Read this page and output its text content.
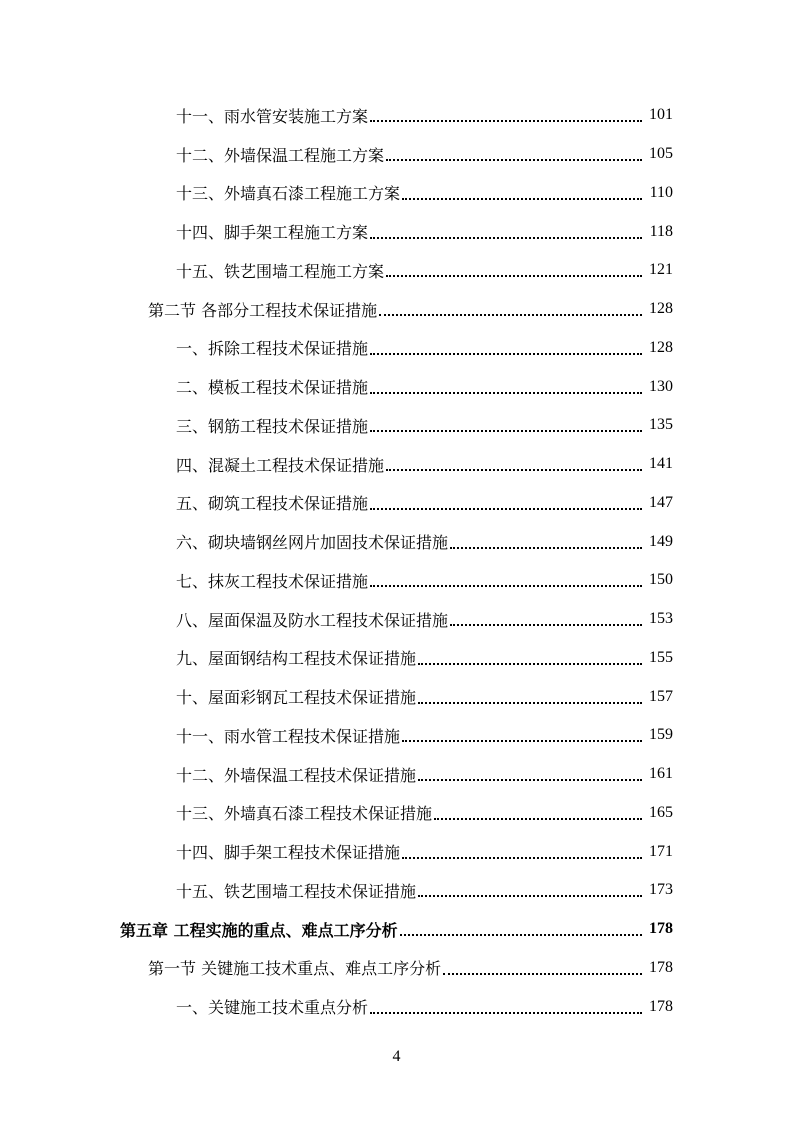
十一、雨水管安装施工方案	101
十二、外墙保温工程施工方案	105
十三、外墙真石漆工程施工方案	110
十四、脚手架工程施工方案	118
十五、铁艺围墙工程施工方案	121
第二节 各部分工程技术保证措施	128
一、拆除工程技术保证措施	128
二、模板工程技术保证措施	130
三、钢筋工程技术保证措施	135
四、混凝土工程技术保证措施	141
五、砌筑工程技术保证措施	147
六、砌块墙钢丝网片加固技术保证措施	149
七、抹灰工程技术保证措施	150
八、屋面保温及防水工程技术保证措施	153
九、屋面钢结构工程技术保证措施	155
十、屋面彩钢瓦工程技术保证措施	157
十一、雨水管工程技术保证措施	159
十二、外墙保温工程技术保证措施	161
十三、外墙真石漆工程技术保证措施	165
十四、脚手架工程技术保证措施	171
十五、铁艺围墙工程技术保证措施	173
第五章 工程实施的重点、难点工序分析	178
第一节 关键施工技术重点、难点工序分析	178
一、关键施工技术重点分析	178
4
